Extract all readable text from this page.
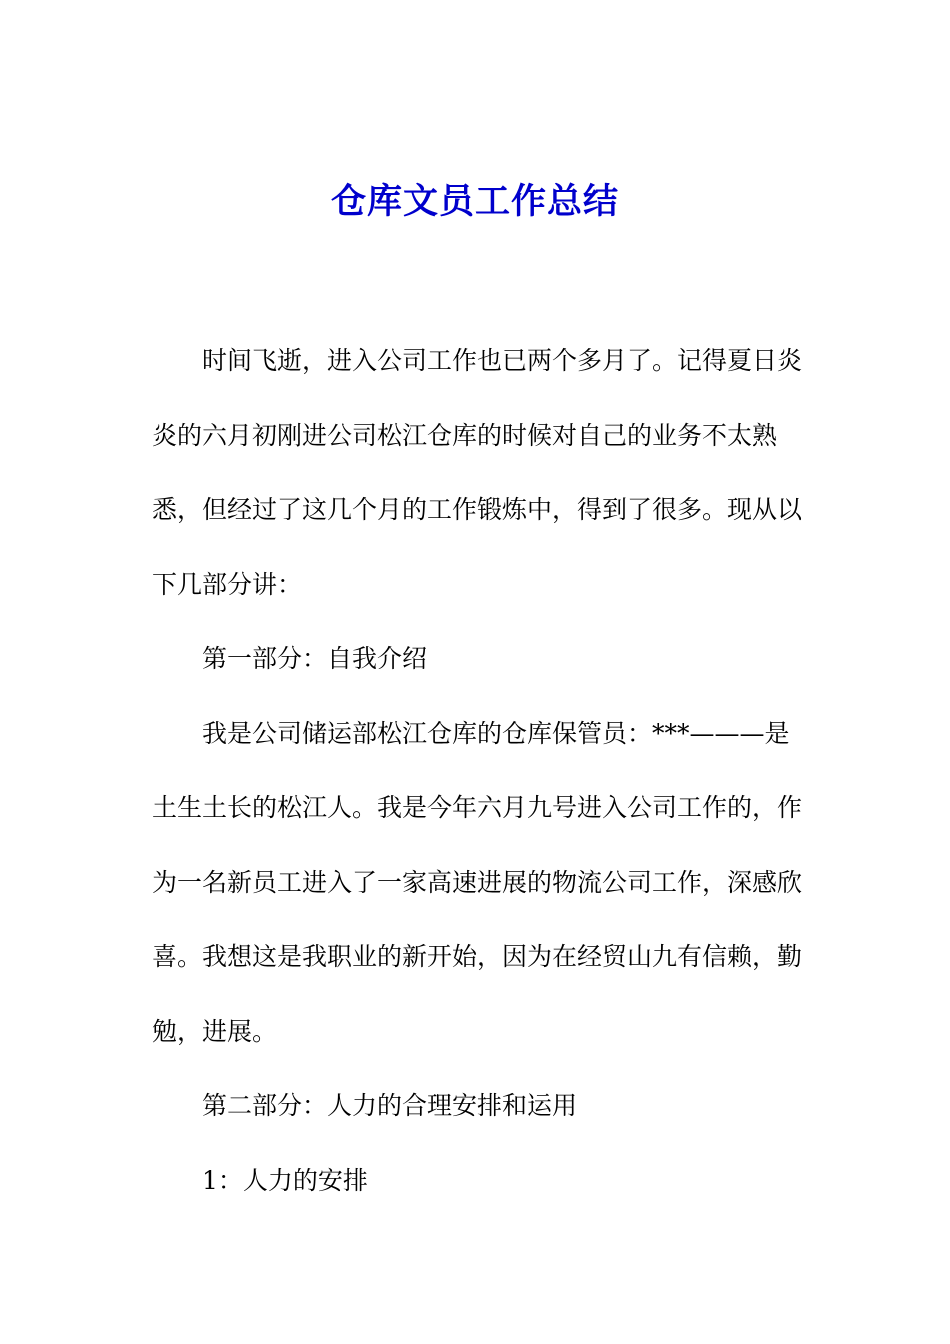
仓库文员工作总结

时间飞逝，进入公司工作也已两个多月了。记得夏日炎炎的六月初刚进公司松江仓库的时候对自己的业务不太熟悉，但经过了这几个月的工作锻炼中，得到了很多。现从以下几部分讲：

第一部分：自我介绍

我是公司储运部松江仓库的仓库保管员：***———是土生土长的松江人。我是今年六月九号进入公司工作的，作为一名新员工进入了一家高速进展的物流公司工作，深感欣喜。我想这是我职业的新开始，因为在经贸山九有信赖，勤勉，进展。

第二部分：人力的合理安排和运用

1：人力的安排
